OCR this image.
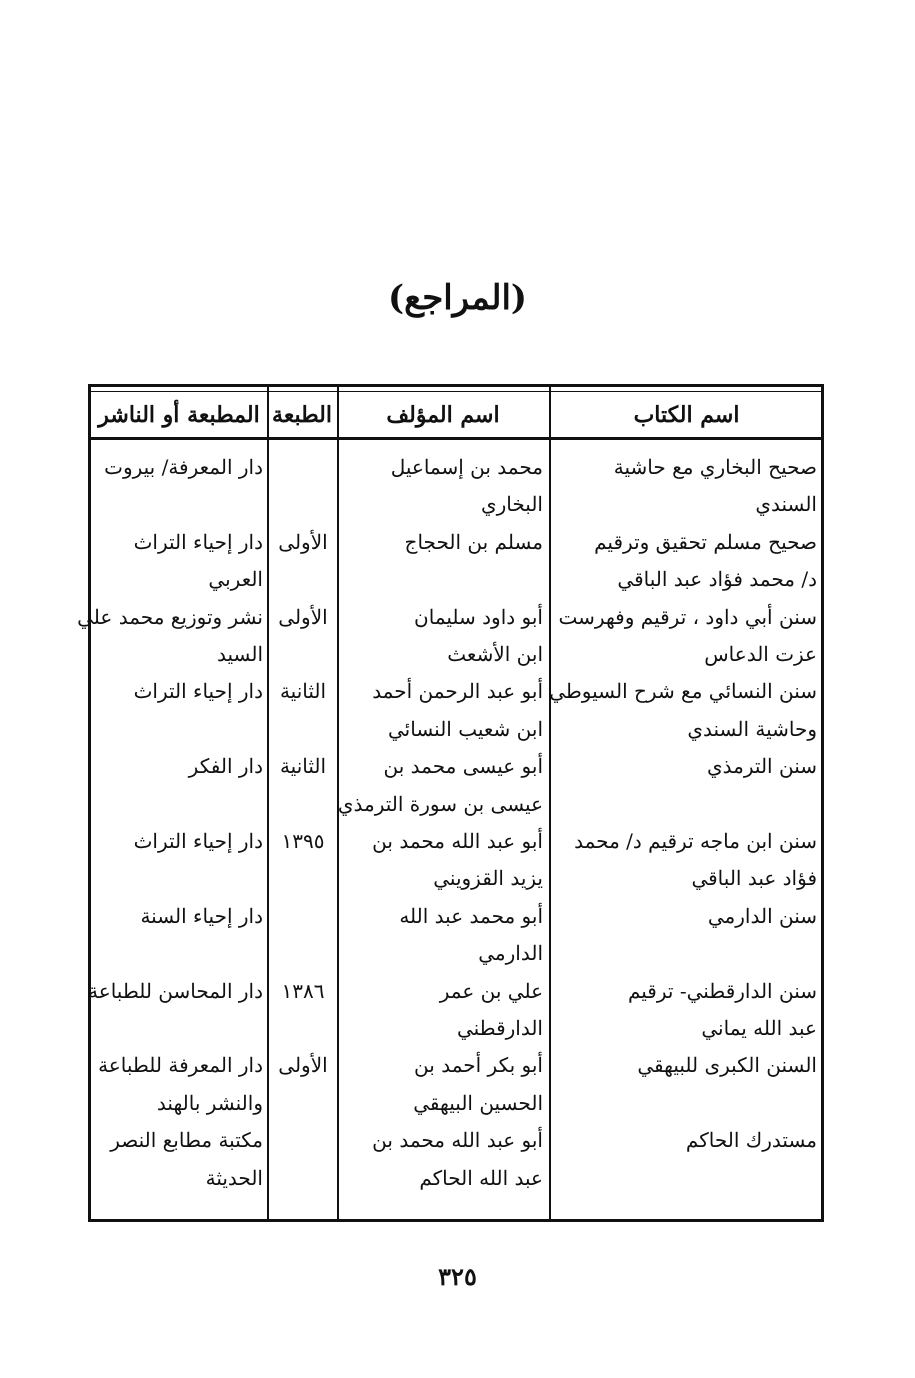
(المراجع)
اسم الكتاب
اسم المؤلف
الطبعة
المطبعة أو الناشر
صحيح البخاري مع حاشية
السندي
صحيح مسلم تحقيق وترقيم
د/ محمد فؤاد عبد الباقي
سنن أبي داود ، ترقيم وفهرست
عزت الدعاس
سنن النسائي مع شرح السيوطي
وحاشية السندي
سنن الترمذي
سنن ابن ماجه ترقيم د/ محمد
فؤاد عبد الباقي
سنن الدارمي
سنن الدارقطني- ترقيم
عبد الله يماني
السنن الكبرى للبيهقي
مستدرك الحاكم
محمد بن إسماعيل
البخاري
مسلم بن الحجاج
أبو داود سليمان
ابن الأشعث
أبو عبد الرحمن أحمد
ابن شعيب النسائي
أبو عيسى محمد بن
عيسى بن سورة الترمذي
أبو عبد الله محمد بن
يزيد القزويني
أبو محمد عبد الله
الدارمي
علي بن عمر
الدارقطني
أبو بكر أحمد بن
الحسين البيهقي
أبو عبد الله محمد بن
عبد الله الحاكم
الأولى
الأولى
الثانية
الثانية
١٣٩٥
١٣٨٦
الأولى
دار المعرفة/ بيروت
دار إحياء التراث
العربي
نشر وتوزيع محمد علي
السيد
دار إحياء التراث
دار الفكر
دار إحياء التراث
دار إحياء السنة
دار المحاسن للطباعة
دار المعرفة للطباعة
والنشر بالهند
مكتبة مطابع النصر
الحديثة
٣٢٥
